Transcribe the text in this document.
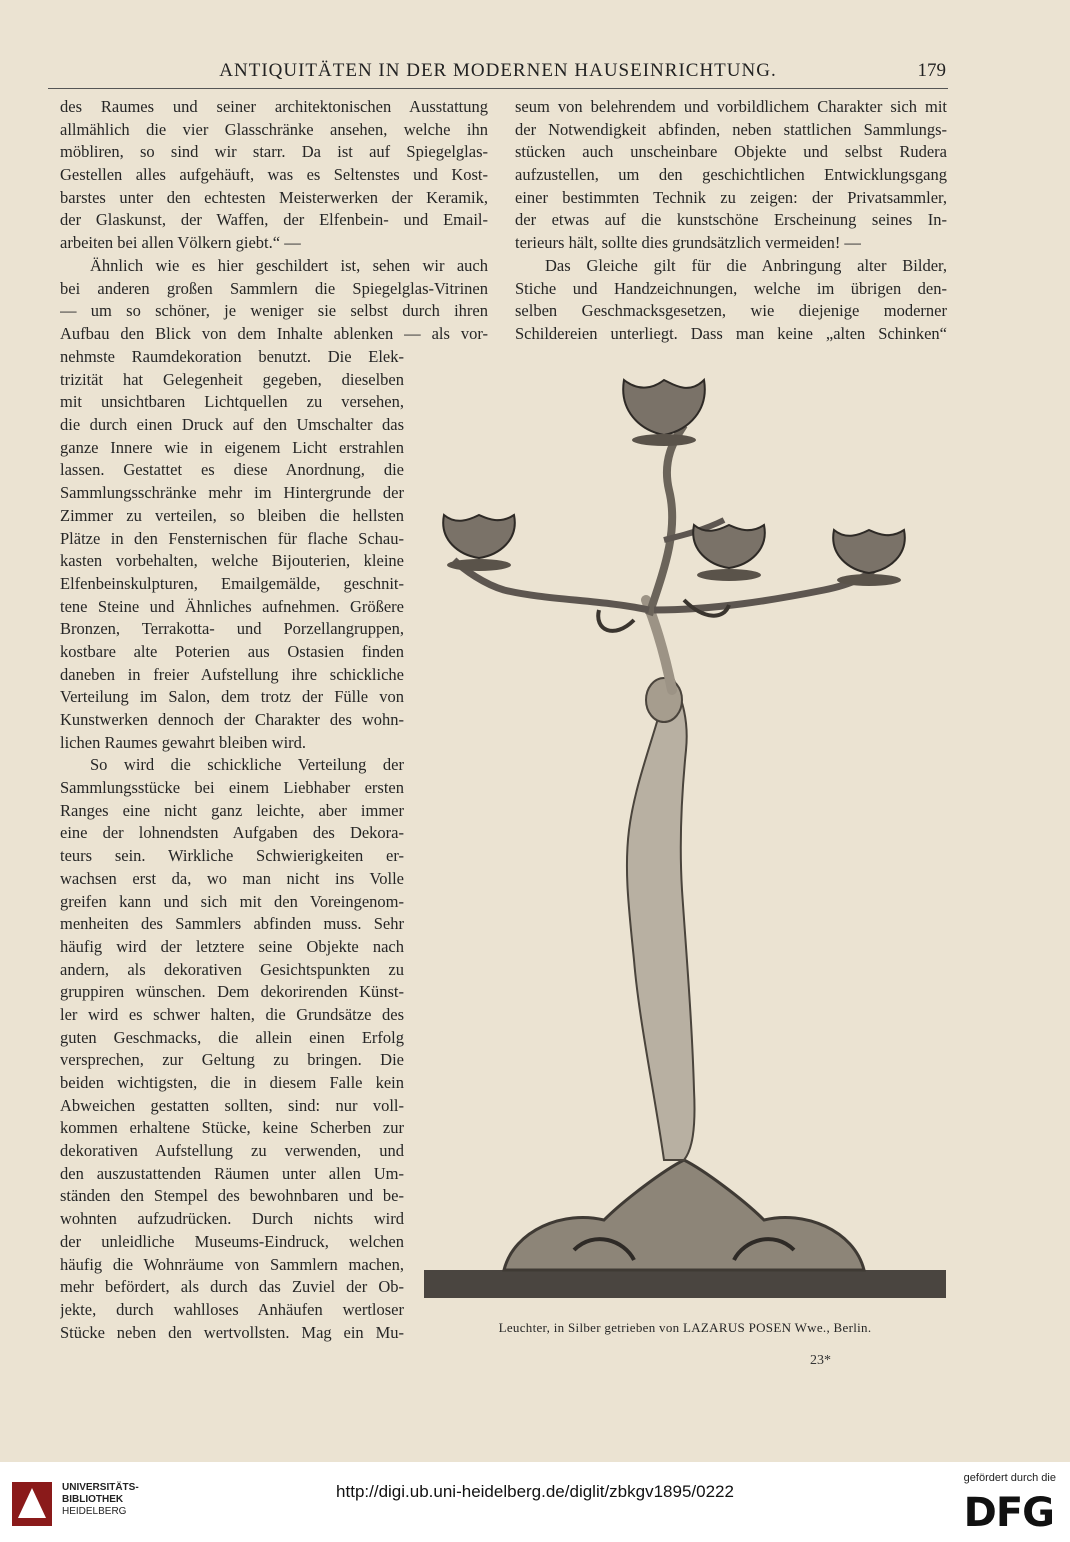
ANTIQUITÄTEN IN DER MODERNEN HAUSEINRICHTUNG.	179
des Raumes und seiner architektonischen Ausstattung
allmählich die vier Glasschränke ansehen, welche ihn
möbliren, so sind wir starr. Da ist auf Spiegelglas-
Gestellen alles aufgehäuft, was es Seltenstes und Kost-
barstes unter den echtesten Meisterwerken der Keramik,
der Glaskunst, der Waffen, der Elfenbein- und Email-
arbeiten bei allen Völkern giebt.“ —
Ähnlich wie es hier geschildert ist, sehen wir auch
bei anderen großen Sammlern die Spiegelglas-Vitrinen
— um so schöner, je weniger sie selbst durch ihren
Aufbau den Blick von dem Inhalte ablenken — als vor-
nehmste Raumdekoration benutzt. Die Elek-
trizität hat Gelegenheit gegeben, dieselben
mit unsichtbaren Lichtquellen zu versehen,
die durch einen Druck auf den Umschalter das
ganze Innere wie in eigenem Licht erstrahlen
lassen. Gestattet es diese Anordnung, die
Sammlungsschränke mehr im Hintergrunde der
Zimmer zu verteilen, so bleiben die hellsten
Plätze in den Fensternischen für flache Schau-
kasten vorbehalten, welche Bijouterien, kleine
Elfenbeinskulpturen, Emailgemälde, geschnit-
tene Steine und Ähnliches aufnehmen. Größere
Bronzen, Terrakotta- und Porzellangruppen,
kostbare alte Poterien aus Ostasien finden
daneben in freier Aufstellung ihre schickliche
Verteilung im Salon, dem trotz der Fülle von
Kunstwerken dennoch der Charakter des wohn-
lichen Raumes gewahrt bleiben wird.
So wird die schickliche Verteilung der
Sammlungsstücke bei einem Liebhaber ersten
Ranges eine nicht ganz leichte, aber immer
eine der lohnendsten Aufgaben des Dekora-
teurs sein. Wirkliche Schwierigkeiten er-
wachsen erst da, wo man nicht ins Volle
greifen kann und sich mit den Voreingenom-
menheiten des Sammlers abfinden muss. Sehr
häufig wird der letztere seine Objekte nach
andern, als dekorativen Gesichtspunkten zu
gruppiren wünschen. Dem dekorirenden Künst-
ler wird es schwer halten, die Grundsätze des
guten Geschmacks, die allein einen Erfolg
versprechen, zur Geltung zu bringen. Die
beiden wichtigsten, die in diesem Falle kein
Abweichen gestatten sollten, sind: nur voll-
kommen erhaltene Stücke, keine Scherben zur
dekorativen Aufstellung zu verwenden, und
den auszustattenden Räumen unter allen Um-
ständen den Stempel des bewohnbaren und be-
wohnten aufzudrücken. Durch nichts wird
der unleidliche Museums-Eindruck, welchen
häufig die Wohnräume von Sammlern machen,
mehr befördert, als durch das Zuviel der Ob-
jekte, durch wahlloses Anhäufen wertloser
Stücke neben den wertvollsten. Mag ein Mu-
seum von belehrendem und vorbildlichem Charakter sich mit
der Notwendigkeit abfinden, neben stattlichen Sammlungs-
stücken auch unscheinbare Objekte und selbst Rudera
aufzustellen, um den geschichtlichen Entwicklungsgang
einer bestimmten Technik zu zeigen: der Privatsammler,
der etwas auf die kunstschöne Erscheinung seines In-
terieurs hält, sollte dies grundsätzlich vermeiden! —
Das Gleiche gilt für die Anbringung alter Bilder,
Stiche und Handzeichnungen, welche im übrigen den-
selben Geschmacksgesetzen, wie diejenige moderner
Schildereien unterliegt. Dass man keine „alten Schinken“
Leuchter, in Silber getrieben von LAZARUS POSEN Wwe., Berlin.
23*
UNIVERSITÄTS-
BIBLIOTHEK
HEIDELBERG
http://digi.ub.uni-heidelberg.de/diglit/zbkgv1895/0222
gefördert durch die
DFG
